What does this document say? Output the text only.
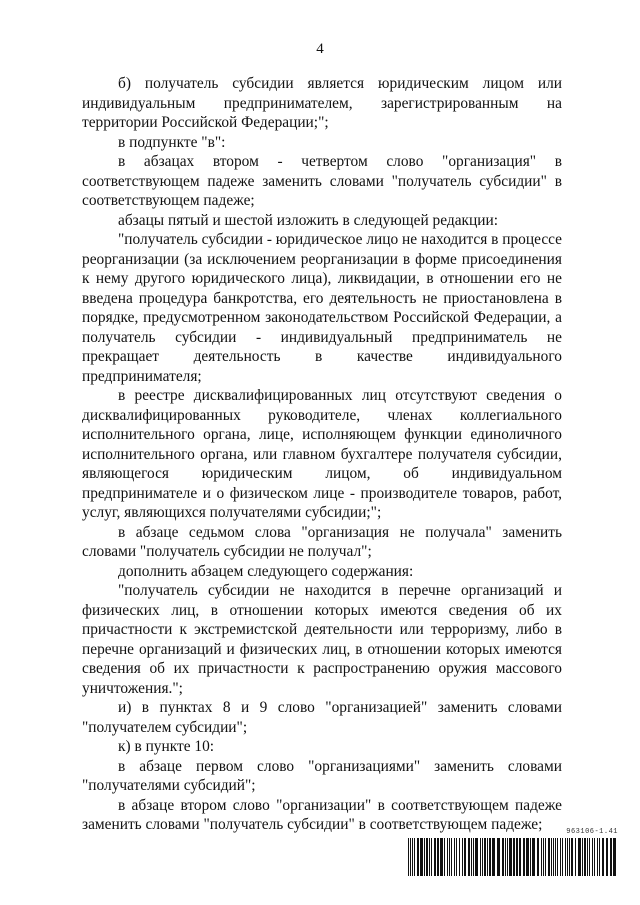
4

б) получатель субсидии является юридическим лицом или индивидуальным предпринимателем, зарегистрированным на территории Российской Федерации;";

в подпункте "в":

в абзацах втором - четвертом слово "организация" в соответствующем падеже заменить словами "получатель субсидии" в соответствующем падеже;

абзацы пятый и шестой изложить в следующей редакции:

"получатель субсидии - юридическое лицо не находится в процессе реорганизации (за исключением реорганизации в форме присоединения к нему другого юридического лица), ликвидации, в отношении его не введена процедура банкротства, его деятельность не приостановлена в порядке, предусмотренном законодательством Российской Федерации, а получатель субсидии - индивидуальный предприниматель не прекращает деятельность в качестве индивидуального предпринимателя;

в реестре дисквалифицированных лиц отсутствуют сведения о дисквалифицированных руководителе, членах коллегиального исполнительного органа, лице, исполняющем функции единоличного исполнительного органа, или главном бухгалтере получателя субсидии, являющегося юридическим лицом, об индивидуальном предпринимателе и о физическом лице - производителе товаров, работ, услуг, являющихся получателями субсидии;";

в абзаце седьмом слова "организация не получала" заменить словами "получатель субсидии не получал";

дополнить абзацем следующего содержания:

"получатель субсидии не находится в перечне организаций и физических лиц, в отношении которых имеются сведения об их причастности к экстремистской деятельности или терроризму, либо в перечне организаций и физических лиц, в отношении которых имеются сведения об их причастности к распространению оружия массового уничтожения.";

и) в пунктах 8 и 9 слово "организацией" заменить словами "получателем субсидии";

к) в пункте 10:

в абзаце первом слово "организациями" заменить словами "получателями субсидий";

в абзаце втором слово "организации" в соответствующем падеже заменить словами "получатель субсидии" в соответствующем падеже;	963106-1.41
